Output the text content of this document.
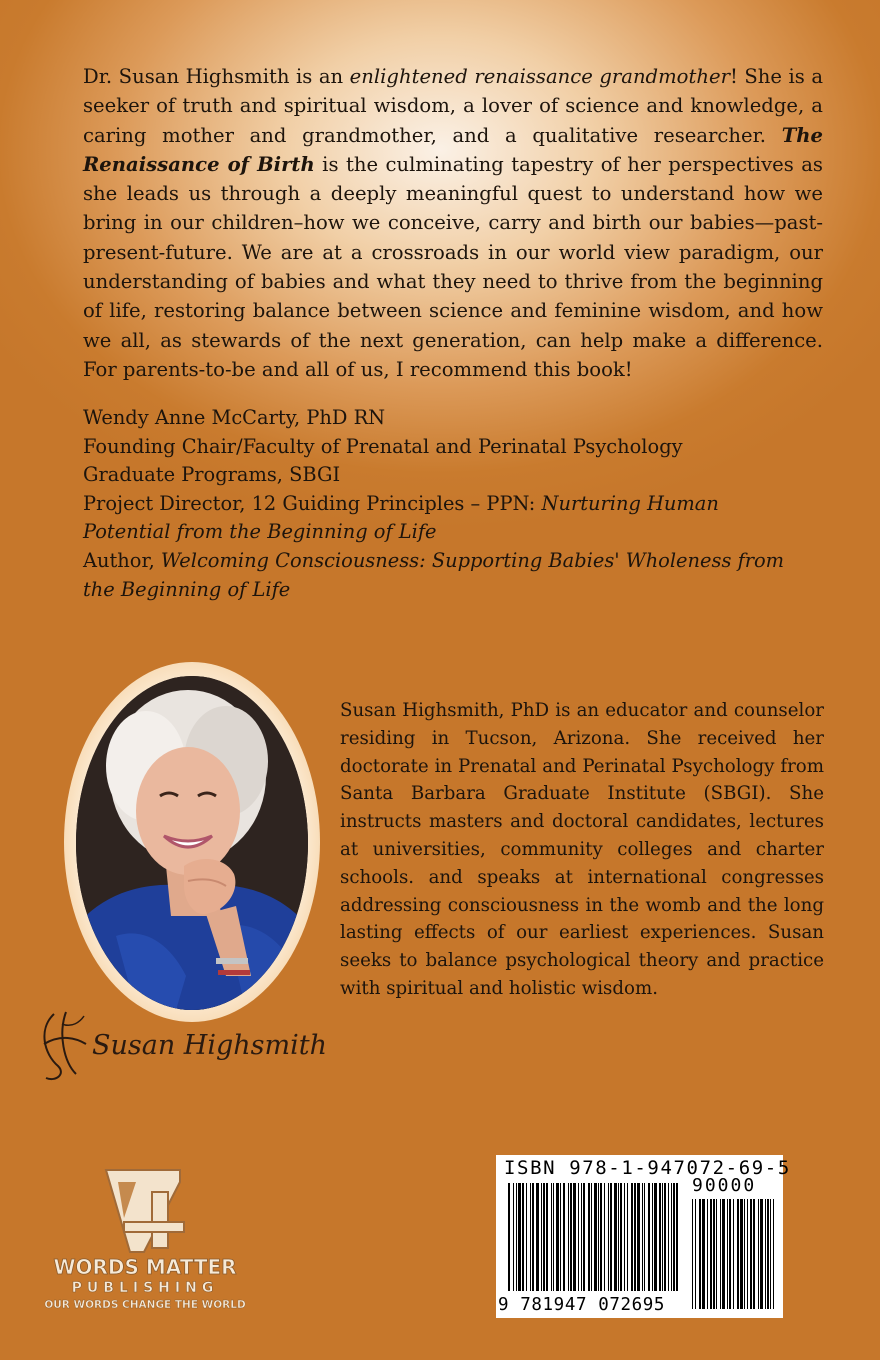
Dr. Susan Highsmith is an enlightened renaissance grandmother! She is a seeker of truth and spiritual wisdom, a lover of science and knowledge, a caring mother and grandmother, and a qualitative researcher. The Renaissance of Birth is the culminating tapestry of her perspectives as she leads us through a deeply meaningful quest to understand how we bring in our children–how we conceive, carry and birth our babies—past-present-future. We are at a crossroads in our world view paradigm, our understanding of babies and what they need to thrive from the beginning of life, restoring balance between science and feminine wisdom, and how we all, as stewards of the next generation, can help make a difference. For parents-to-be and all of us, I recommend this book!
Wendy Anne McCarty, PhD RN
Founding Chair/Faculty of Prenatal and Perinatal Psychology
Graduate Programs, SBGI
Project Director, 12 Guiding Principles – PPN: Nurturing Human
Potential from the Beginning of Life
Author, Welcoming Consciousness: Supporting Babies' Wholeness from
the Beginning of Life
Susan Highsmith, PhD is an educator and counselor residing in Tucson, Arizona. She received her doctorate in Prenatal and Perinatal Psychology from Santa Barbara Graduate Institute (SBGI). She instructs masters and doctoral candidates, lectures at universities, community colleges and charter schools. and speaks at international congresses addressing consciousness in the womb and the long lasting effects of our earliest experiences. Susan seeks to balance psychological theory and practice with spiritual and holistic wisdom.
Susan Highsmith
WORDS MATTER
PUBLISHING
OUR WORDS CHANGE THE WORLD
ISBN 978-1-947072-69-5
90000
9 781947 072695
